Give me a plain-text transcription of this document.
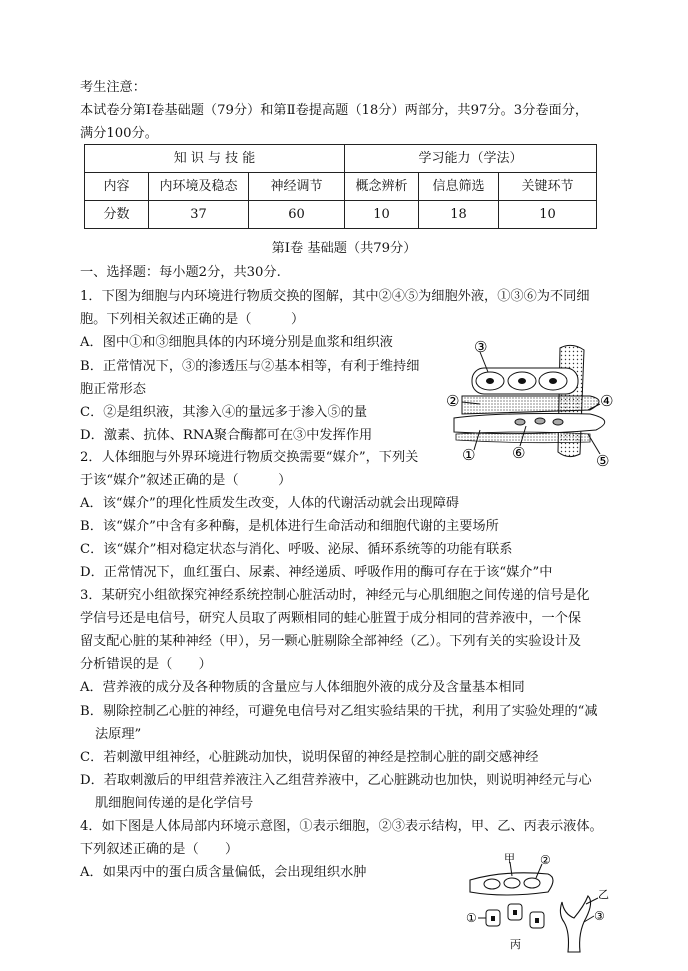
考生注意：
本试卷分第Ⅰ卷基础题（79分）和第Ⅱ卷提高题（18分）两部分，共97分。3分卷面分，
满分100分。
知 识 与 技 能			学习能力（学法）		
内容	内环境及稳态	神经调节	概念辨析	信息筛选	关键环节
分数	37	60	10	18	10
第Ⅰ卷 基础题（共79分）
一、选择题：每小题2分，共30分.
1．下图为细胞与内环境进行物质交换的图解，其中②④⑤为细胞外液，①③⑥为不同细
胞。下列相关叙述正确的是（　　　）
A．图中①和③细胞具体的内环境分别是血浆和组织液
B．正常情况下，③的渗透压与②基本相等，有利于维持细
胞正常形态
C．②是组织液，其渗入④的量远多于渗入⑤的量
D．激素、抗体、RNA聚合酶都可在③中发挥作用
③
②	④
① ⑥	⑤
2．人体细胞与外界环境进行物质交换需要“媒介”，下列关
于该“媒介”叙述正确的是（　　　）
A．该“媒介”的理化性质发生改变，人体的代谢活动就会出现障碍
B．该“媒介”中含有多种酶，是机体进行生命活动和细胞代谢的主要场所
C．该“媒介”相对稳定状态与消化、呼吸、泌尿、循环系统等的功能有联系
D．正常情况下，血红蛋白、尿素、神经递质、呼吸作用的酶可存在于该“媒介”中
3．某研究小组欲探究神经系统控制心脏活动时，神经元与心肌细胞之间传递的信号是化
学信号还是电信号，研究人员取了两颗相同的蛙心脏置于成分相同的营养液中，一个保
留支配心脏的某种神经（甲），另一颗心脏剔除全部神经（乙）。下列有关的实验设计及
分析错误的是（　　）
A．营养液的成分及各种物质的含量应与人体细胞外液的成分及含量基本相同
B．剔除控制乙心脏的神经，可避免电信号对乙组实验结果的干扰，利用了实验处理的“减
法原理”
C．若刺激甲组神经，心脏跳动加快，说明保留的神经是控制心脏的副交感神经
D．若取刺激后的甲组营养液注入乙组营养液中，乙心脏跳动也加快，则说明神经元与心
肌细胞间传递的是化学信号
4．如下图是人体局部内环境示意图，①表示细胞，②③表示结构，甲、乙、丙表示液体。
下列叙述正确的是（　　）
A．如果丙中的蛋白质含量偏低，会出现组织水肿
甲 ②
乙
①	③
丙
